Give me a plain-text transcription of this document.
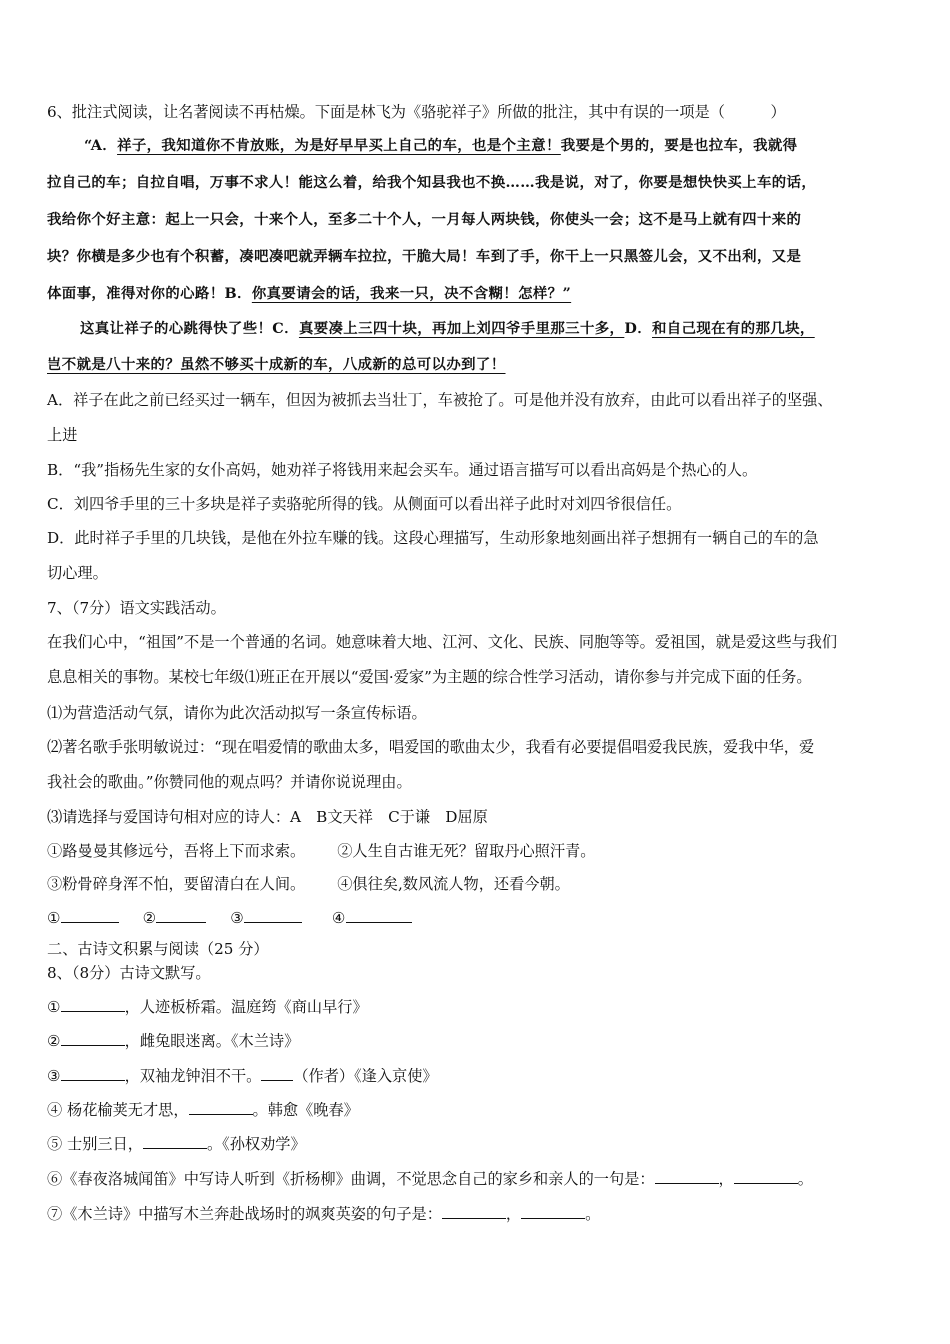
6、批注式阅读，让名著阅读不再枯燥。下面是林飞为《骆驼祥子》所做的批注，其中有误的一项是（　　　）
“A．祥子，我知道你不肯放账，为是好早早买上自己的车，也是个主意！我要是个男的，要是也拉车，我就得
拉自己的车；自拉自唱，万事不求人！能这么着，给我个知县我也不换……我是说，对了，你要是想快快买上车的话，
我给你个好主意：起上一只会，十来个人，至多二十个人，一月每人两块钱，你使头一会；这不是马上就有四十来的
块？你横是多少也有个积蓄，凑吧凑吧就弄辆车拉拉，干脆大局！车到了手，你干上一只黑签儿会，又不出利，又是
体面事，准得对你的心路！B．你真要请会的话，我来一只，决不含糊！怎样？”
这真让祥子的心跳得快了些！C．真要凑上三四十块，再加上刘四爷手里那三十多，D．和自己现在有的那几块，
岂不就是八十来的？虽然不够买十成新的车，八成新的总可以办到了！
A．祥子在此之前已经买过一辆车，但因为被抓去当壮丁，车被抢了。可是他并没有放弃，由此可以看出祥子的坚强、
上进
B．“我”指杨先生家的女仆高妈，她劝祥子将钱用来起会买车。通过语言描写可以看出高妈是个热心的人。
C．刘四爷手里的三十多块是祥子卖骆驼所得的钱。从侧面可以看出祥子此时对刘四爷很信任。
D．此时祥子手里的几块钱，是他在外拉车赚的钱。这段心理描写，生动形象地刻画出祥子想拥有一辆自己的车的急
切心理。
7、（7分）语文实践活动。
在我们心中，“祖国”不是一个普通的名词。她意味着大地、江河、文化、民族、同胞等等。爱祖国，就是爱这些与我们
息息相关的事物。某校七年级⑴班正在开展以“爱国·爱家”为主题的综合性学习活动，请你参与并完成下面的任务。
⑴为营造活动气氛，请你为此次活动拟写一条宣传标语。
⑵著名歌手张明敏说过：“现在唱爱情的歌曲太多，唱爱国的歌曲太少，我看有必要提倡唱爱我民族，爱我中华，爱
我社会的歌曲。”你赞同他的观点吗？并请你说说理由。
⑶请选择与爱国诗句相对应的诗人：A　B文天祥　C于谦　D屈原
①路曼曼其修远兮，吾将上下而求索。 ②人生自古谁无死？留取丹心照汗青。
③粉骨碎身浑不怕，要留清白在人间。 ④俱往矣,数风流人物，还看今朝。
①	②	③	④
二、古诗文积累与阅读（25 分）
8、（8分）古诗文默写。
①	，人迹板桥霜。温庭筠《商山早行》
②	，雌兔眼迷离。《木兰诗》
③	，双袖龙钟泪不干。 （作者）《逢入京使》
④ 杨花榆荚无才思，	。韩愈《晚春》
⑤ 士别三日，	。《孙权劝学》
⑥《春夜洛城闻笛》中写诗人听到《折杨柳》曲调，不觉思念自己的家乡和亲人的一句是：	，	。
⑦《木兰诗》中描写木兰奔赴战场时的飒爽英姿的句子是：	，	。
